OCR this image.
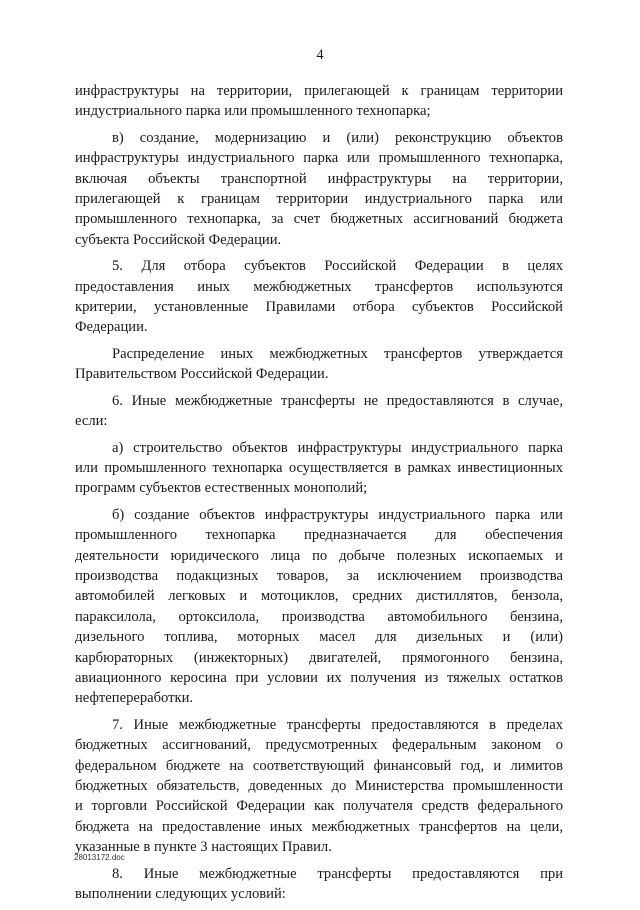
4
инфраструктуры на территории, прилегающей к границам территории
индустриального парка или промышленного технопарка;
в) создание, модернизацию и (или) реконструкцию объектов
инфраструктуры индустриального парка или промышленного технопарка,
включая объекты транспортной инфраструктуры на территории,
прилегающей к границам территории индустриального парка или
промышленного технопарка, за счет бюджетных ассигнований бюджета
субъекта Российской Федерации.
5. Для отбора субъектов Российской Федерации в целях
предоставления иных межбюджетных трансфертов используются
критерии, установленные Правилами отбора субъектов Российской
Федерации.
Распределение иных межбюджетных трансфертов утверждается
Правительством Российской Федерации.
6. Иные межбюджетные трансферты не предоставляются в случае,
если:
а) строительство объектов инфраструктуры индустриального парка
или промышленного технопарка осуществляется в рамках инвестиционных
программ субъектов естественных монополий;
б) создание объектов инфраструктуры индустриального парка или
промышленного технопарка предназначается для обеспечения
деятельности юридического лица по добыче полезных ископаемых и
производства подакцизных товаров, за исключением производства
автомобилей легковых и мотоциклов, средних дистиллятов, бензола,
параксилола, ортоксилола, производства автомобильного бензина,
дизельного топлива, моторных масел для дизельных и (или)
карбюраторных (инжекторных) двигателей, прямогонного бензина,
авиационного керосина при условии их получения из тяжелых остатков
нефтепереработки.
7. Иные межбюджетные трансферты предоставляются в пределах
бюджетных ассигнований, предусмотренных федеральным законом о
федеральном бюджете на соответствующий финансовый год, и лимитов
бюджетных обязательств, доведенных до Министерства промышленности
и торговли Российской Федерации как получателя средств федерального
бюджета на предоставление иных межбюджетных трансфертов на цели,
указанные в пункте 3 настоящих Правил.
8. Иные межбюджетные трансферты предоставляются при
выполнении следующих условий:
28013172.doc
